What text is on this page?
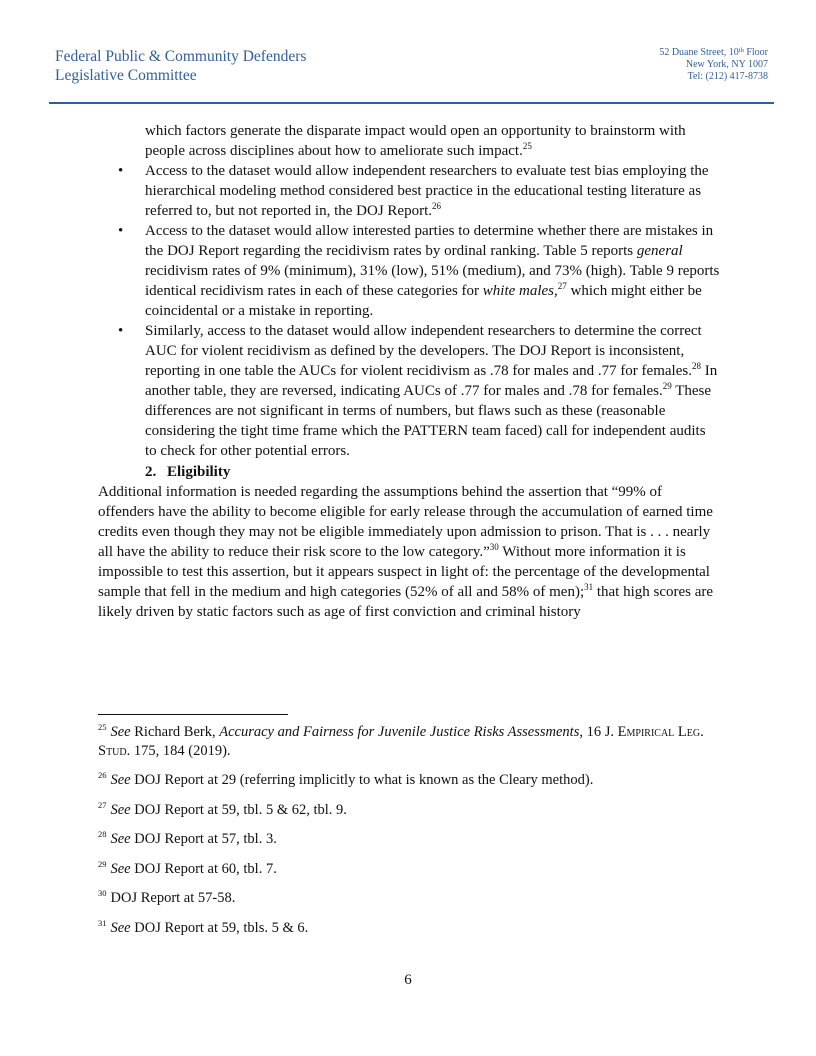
Federal Public & Community Defenders
Legislative Committee
52 Duane Street, 10th Floor
New York, NY 1007
Tel: (212) 417-8738

which factors generate the disparate impact would open an opportunity to brainstorm with people across disciplines about how to ameliorate such impact.$^{25}$

• Access to the dataset would allow independent researchers to evaluate test bias employing the hierarchical modeling method considered best practice in the educational testing literature as referred to, but not reported in, the DOJ Report.$^{26}$
• Access to the dataset would allow interested parties to determine whether there are mistakes in the DOJ Report regarding the recidivism rates by ordinal ranking. Table 5 reports general recidivism rates of 9% (minimum), 31% (low), 51% (medium), and 73% (high). Table 9 reports identical recidivism rates in each of these categories for white males,$^{27}$ which might either be coincidental or a mistake in reporting.
• Similarly, access to the dataset would allow independent researchers to determine the correct AUC for violent recidivism as defined by the developers. The DOJ Report is inconsistent, reporting in one table the AUCs for violent recidivism as .78 for males and .77 for females.$^{28}$ In another table, they are reversed, indicating AUCs of .77 for males and .78 for females.$^{29}$ These differences are not significant in terms of numbers, but flaws such as these (reasonable considering the tight time frame which the PATTERN team faced) call for independent audits to check for other potential errors.
2. Eligibility

Additional information is needed regarding the assumptions behind the assertion that “99% of offenders have the ability to become eligible for early release through the accumulation of earned time credits even though they may not be eligible immediately upon admission to prison. That is . . . nearly all have the ability to reduce their risk score to the low category.”$^{30}$ Without more information it is impossible to test this assertion, but it appears suspect in light of: the percentage of the developmental sample that fell in the medium and high categories (52% of all and 58% of men);$^{31}$ that high scores are likely driven by static factors such as age of first conviction and criminal history

$^{25}$ See Richard Berk, Accuracy and Fairness for Juvenile Justice Risks Assessments, 16 J. Empirical Leg. Stud. 175, 184 (2019).
$^{26}$ See DOJ Report at 29 (referring implicitly to what is known as the Cleary method).
$^{27}$ See DOJ Report at 59, tbl. 5 & 62, tbl. 9.
$^{28}$ See DOJ Report at 57, tbl. 3.
$^{29}$ See DOJ Report at 60, tbl. 7.
$^{30}$ DOJ Report at 57-58.
$^{31}$ See DOJ Report at 59, tbls. 5 & 6.
6
